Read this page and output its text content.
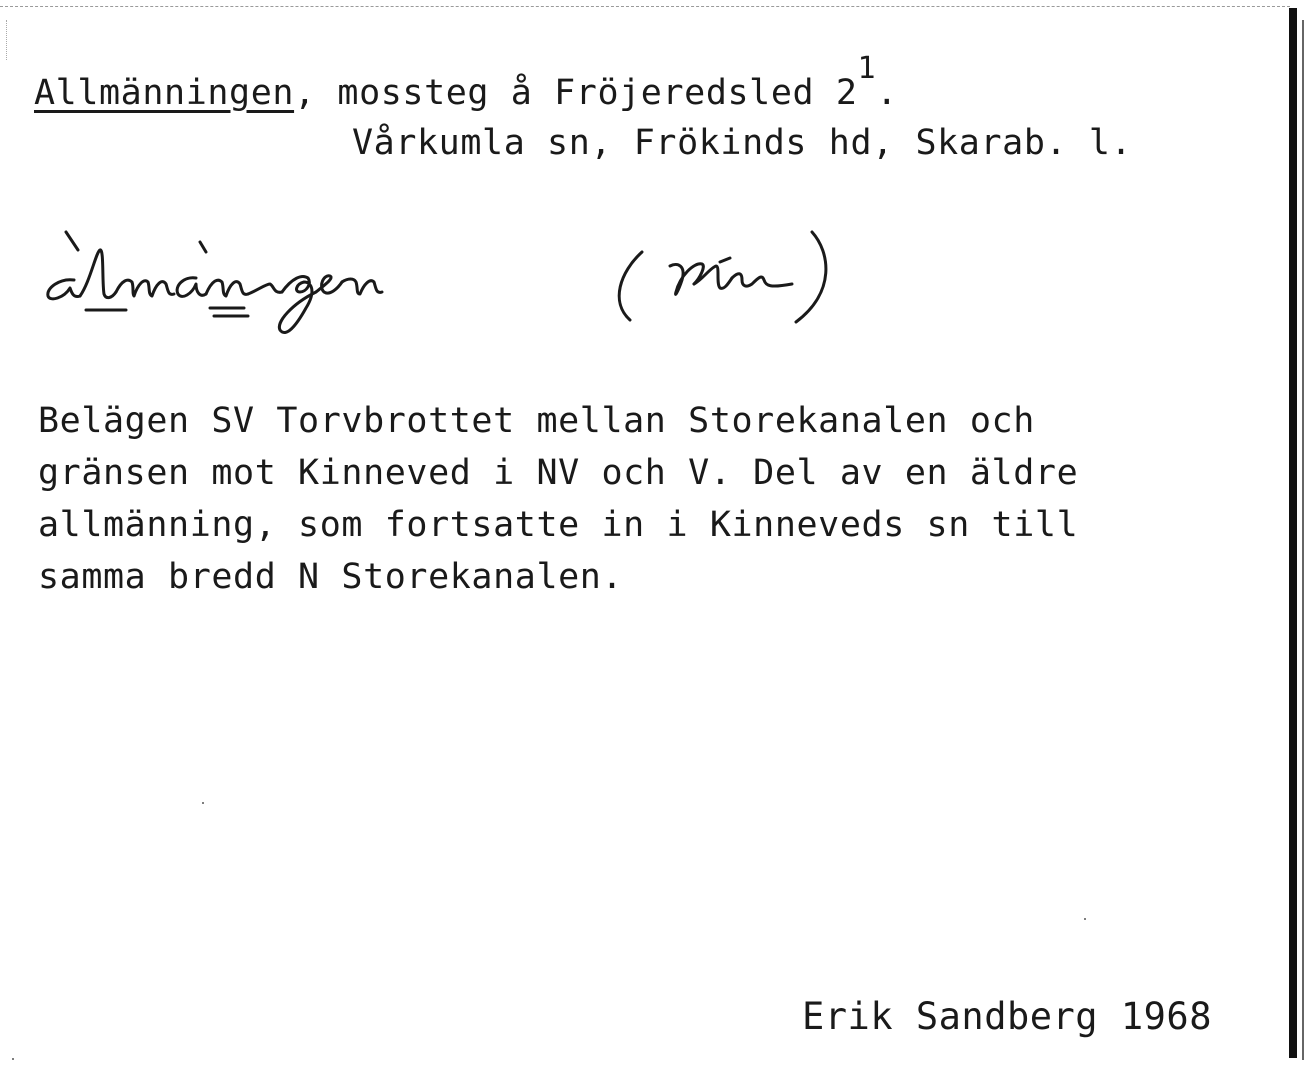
Allmänningen, mossteg å Fröjeredsled 21.
Vårkumla sn, Frökinds hd, Skarab. l.
Belägen SV Torvbrottet mellan Storekanalen och
gränsen mot Kinneved i NV och V. Del av en äldre
allmänning, som fortsatte in i Kinneveds sn till
samma bredd N Storekanalen.
Erik Sandberg 1968
